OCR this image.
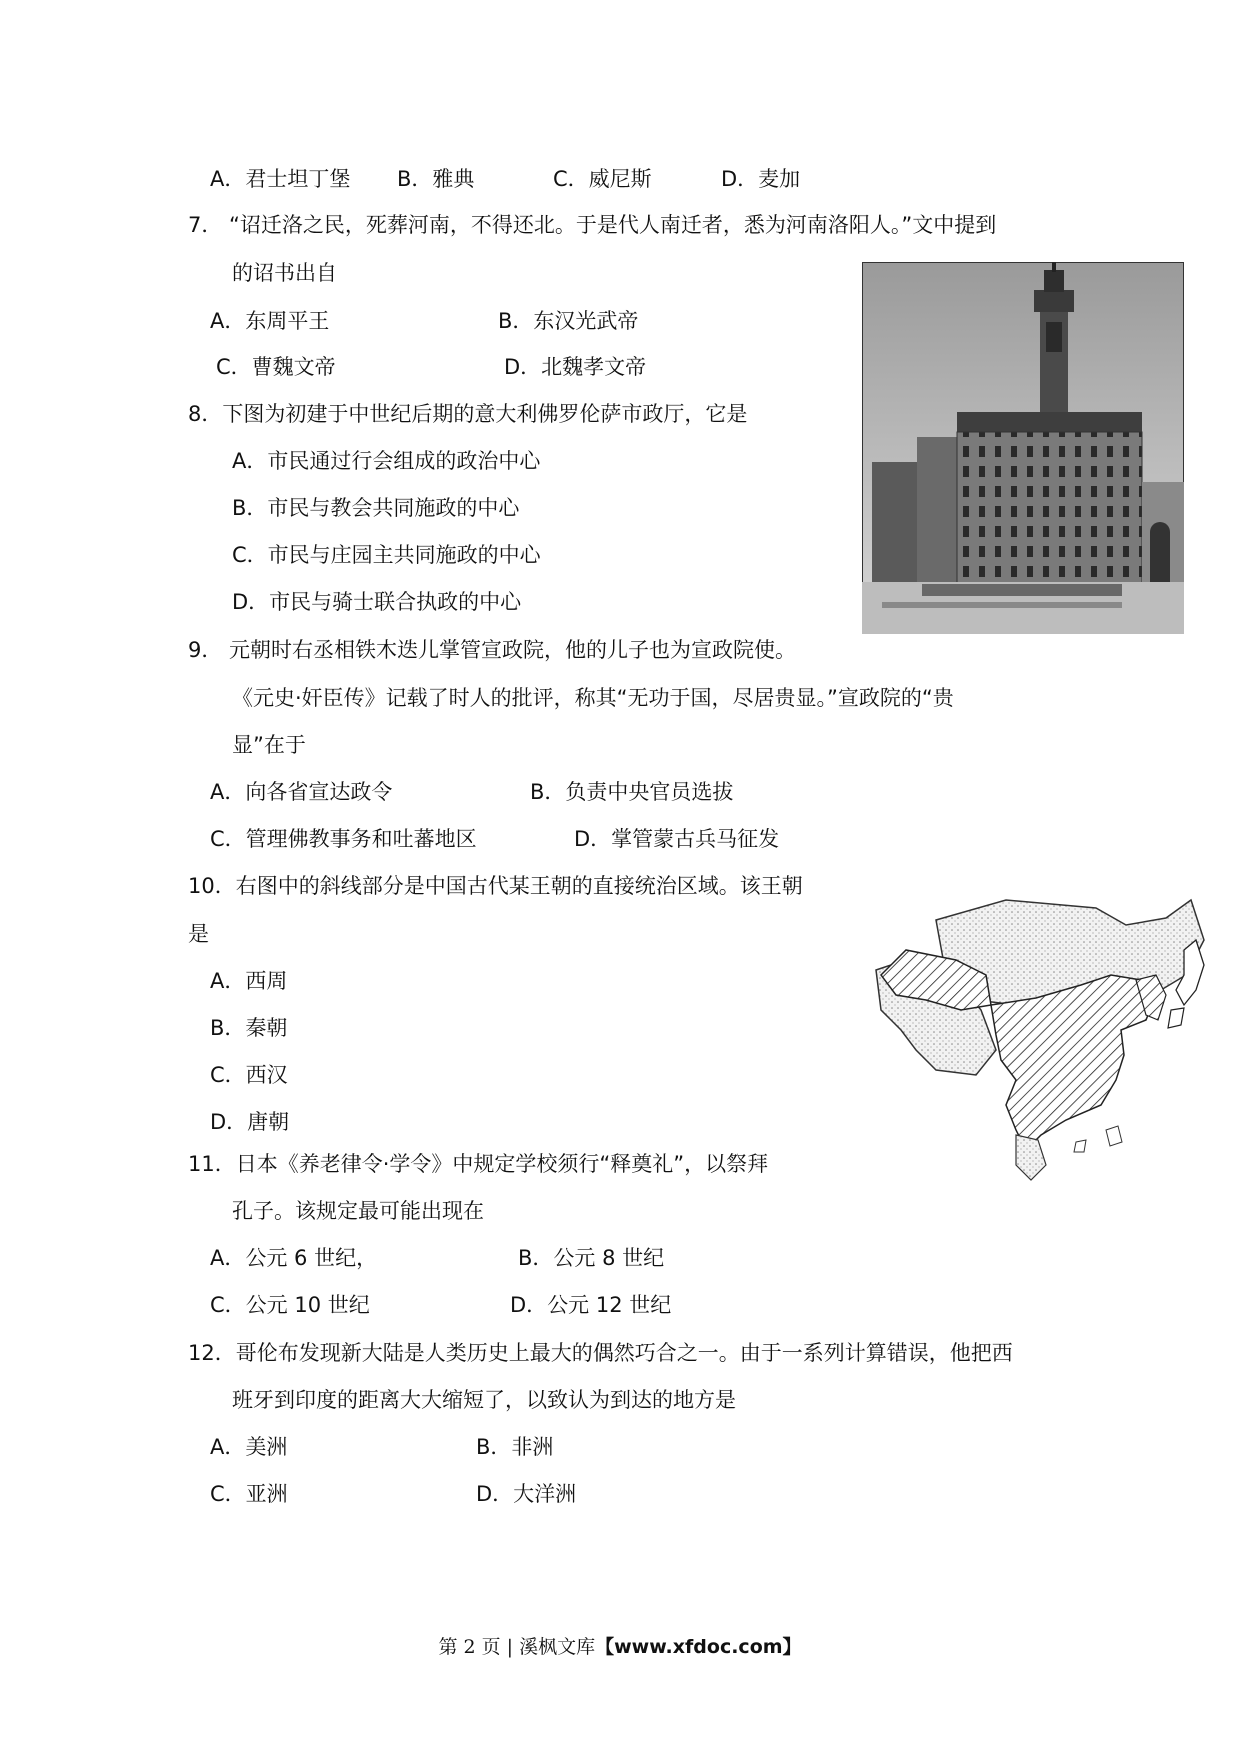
A．君士坦丁堡 B．雅典	C．威尼斯	D．麦加
7． “诏迁洛之民，死葬河南，不得还北。于是代人南迁者，悉为河南洛阳人。”文中提到
的诏书出自
A．东周平王	B．东汉光武帝
C．曹魏文帝	D．北魏孝文帝
8．下图为初建于中世纪后期的意大利佛罗伦萨市政厅，它是
A．市民通过行会组成的政治中心
B．市民与教会共同施政的中心
C．市民与庄园主共同施政的中心
D．市民与骑士联合执政的中心
9． 元朝时右丞相铁木迭儿掌管宣政院，他的儿子也为宣政院使。
《元史·奸臣传》记载了时人的批评，称其“无功于国，尽居贵显。”宣政院的“贵
显”在于
A．向各省宣达政令	B．负责中央官员选拔
C．管理佛教事务和吐蕃地区	D．掌管蒙古兵马征发
10．右图中的斜线部分是中国古代某王朝的直接统治区域。该王朝
是
A．西周
B．秦朝
C．西汉
D．唐朝
11．日本《养老律令·学令》中规定学校须行“释奠礼”，以祭拜
孔子。该规定最可能出现在
A．公元 6 世纪，	B．公元 8 世纪
C．公元 10 世纪	D．公元 12 世纪
12．哥伦布发现新大陆是人类历史上最大的偶然巧合之一。由于一系列计算错误，他把西
班牙到印度的距离大大缩短了，以致认为到达的地方是
A．美洲	B．非洲
C．亚洲	D．大洋洲
第 2 页 | 溪枫文库【www.xfdoc.com】
